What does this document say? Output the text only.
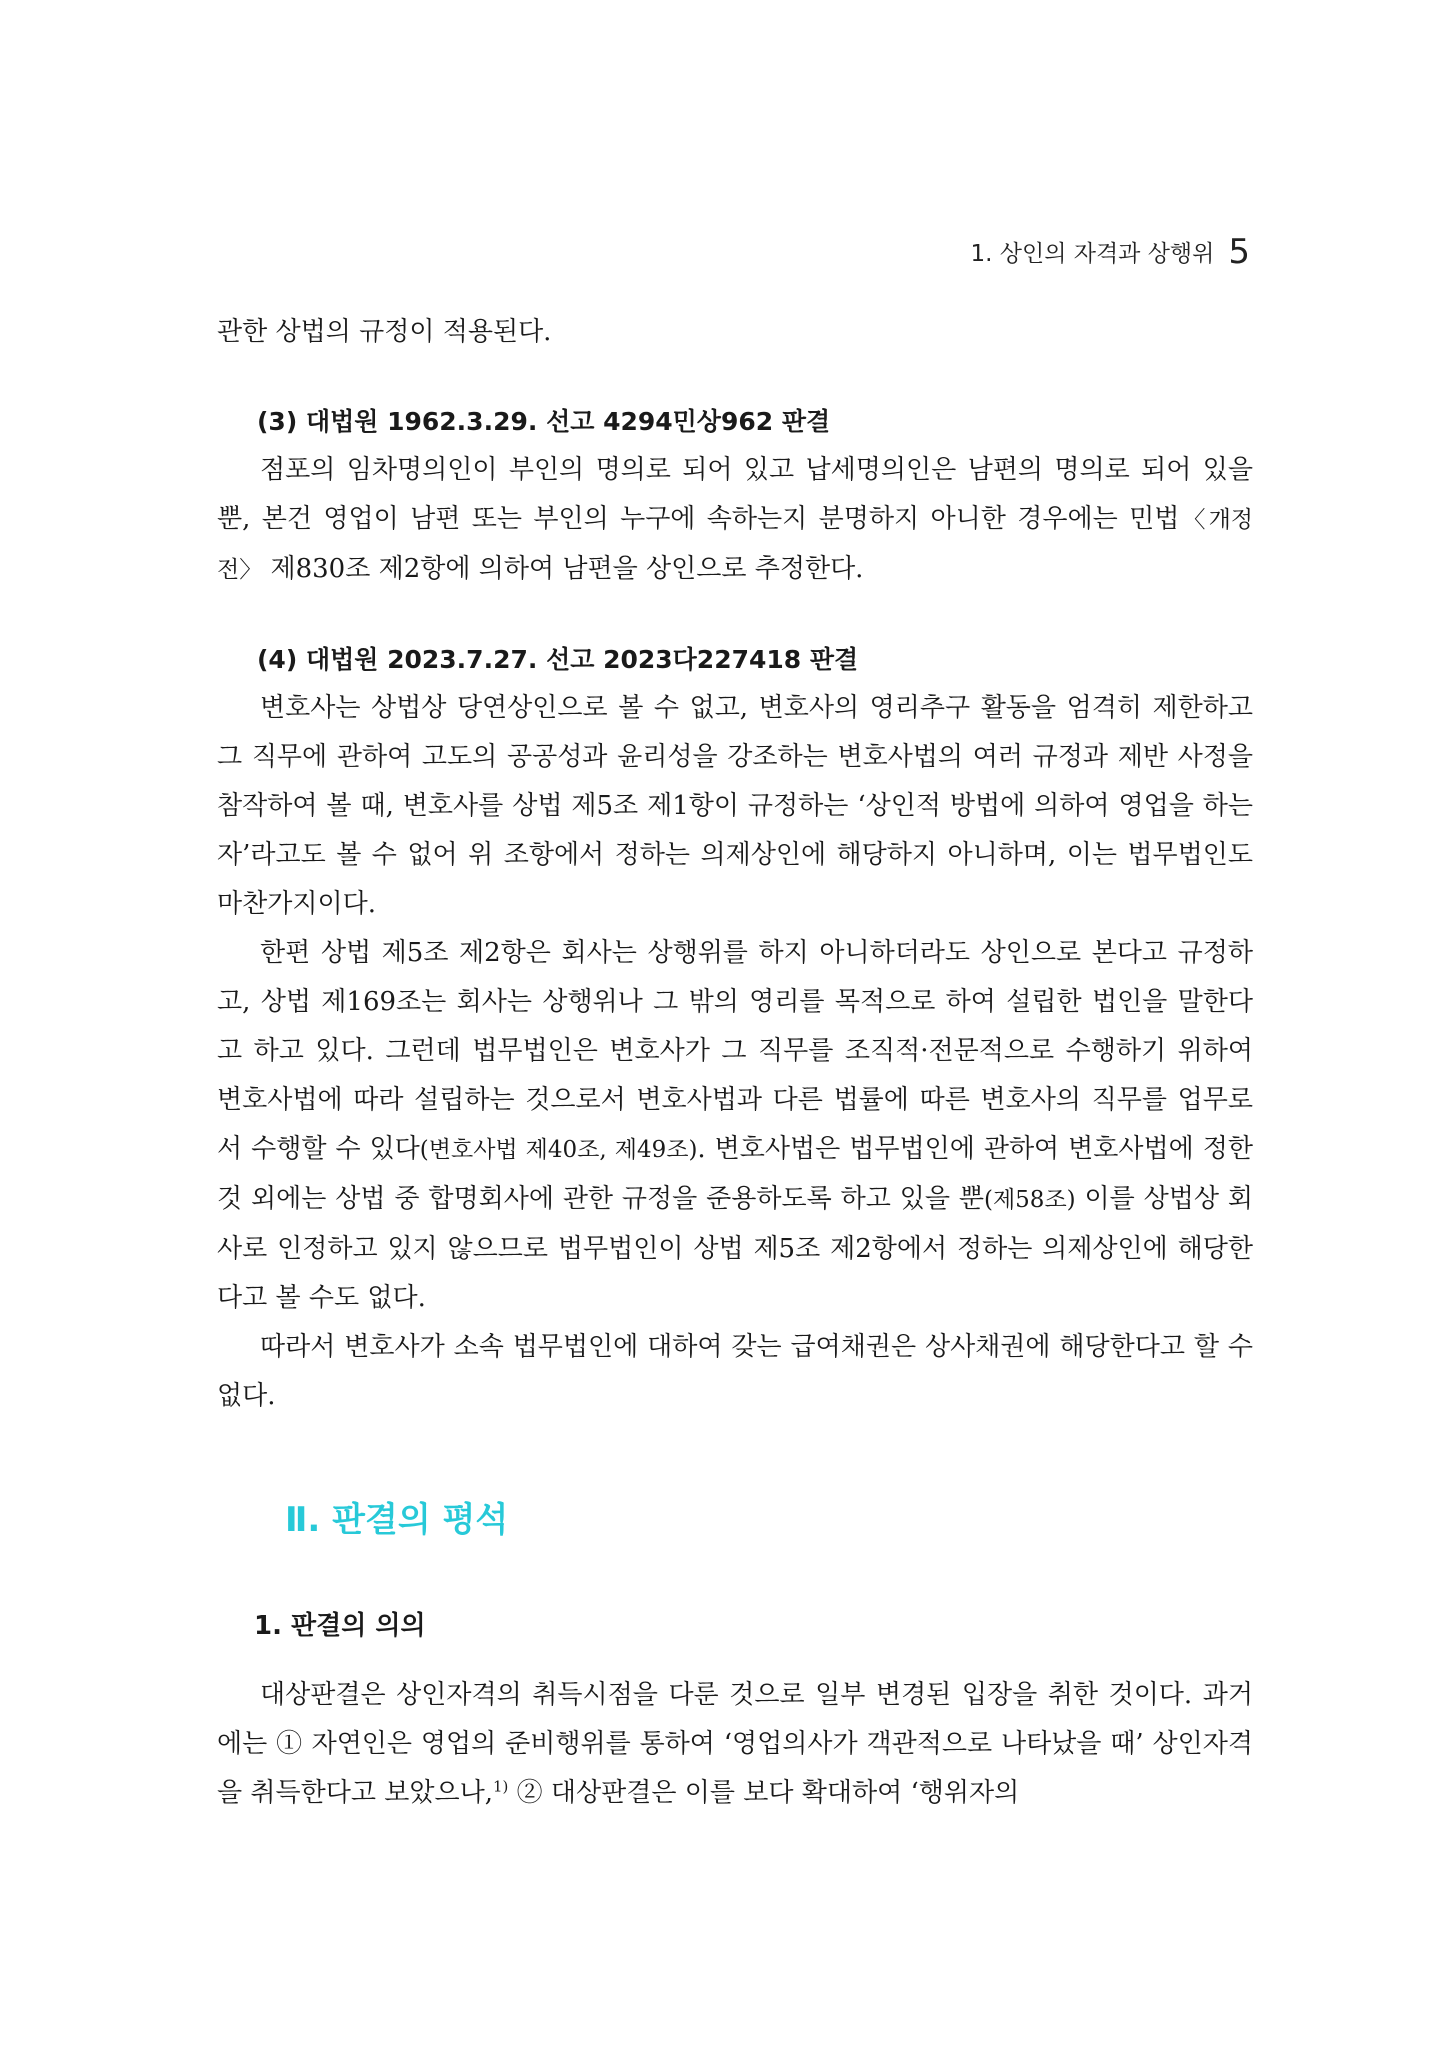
1. 상인의 자격과 상행위 5

관한 상법의 규정이 적용된다.

(3) 대법원 1962.3.29. 선고 4294민상962 판결

점포의 임차명의인이 부인의 명의로 되어 있고 납세명의인은 남편의 명의로 되어 있을 뿐, 본건 영업이 남편 또는 부인의 누구에 속하는지 분명하지 아니한 경우에는 민법〈개정전〉 제830조 제2항에 의하여 남편을 상인으로 추정한다.

(4) 대법원 2023.7.27. 선고 2023다227418 판결

변호사는 상법상 당연상인으로 볼 수 없고, 변호사의 영리추구 활동을 엄격히 제한하고 그 직무에 관하여 고도의 공공성과 윤리성을 강조하는 변호사법의 여러 규정과 제반 사정을 참작하여 볼 때, 변호사를 상법 제5조 제1항이 규정하는 ‘상인적 방법에 의하여 영업을 하는 자’라고도 볼 수 없어 위 조항에서 정하는 의제상인에 해당하지 아니하며, 이는 법무법인도 마찬가지이다.

한편 상법 제5조 제2항은 회사는 상행위를 하지 아니하더라도 상인으로 본다고 규정하고, 상법 제169조는 회사는 상행위나 그 밖의 영리를 목적으로 하여 설립한 법인을 말한다고 하고 있다. 그런데 법무법인은 변호사가 그 직무를 조직적·전문적으로 수행하기 위하여 변호사법에 따라 설립하는 것으로서 변호사법과 다른 법률에 따른 변호사의 직무를 업무로서 수행할 수 있다(변호사법 제40조, 제49조). 변호사법은 법무법인에 관하여 변호사법에 정한 것 외에는 상법 중 합명회사에 관한 규정을 준용하도록 하고 있을 뿐(제58조) 이를 상법상 회사로 인정하고 있지 않으므로 법무법인이 상법 제5조 제2항에서 정하는 의제상인에 해당한다고 볼 수도 없다.

따라서 변호사가 소속 법무법인에 대하여 갖는 급여채권은 상사채권에 해당한다고 할 수 없다.

Ⅱ. 판결의 평석
1. 판결의 의의

대상판결은 상인자격의 취득시점을 다룬 것으로 일부 변경된 입장을 취한 것이다. 과거에는 ① 자연인은 영업의 준비행위를 통하여 ‘영업의사가 객관적으로 나타났을 때’ 상인자격을 취득한다고 보았으나,$^{1)}$ ② 대상판결은 이를 보다 확대하여 ‘행위자의
